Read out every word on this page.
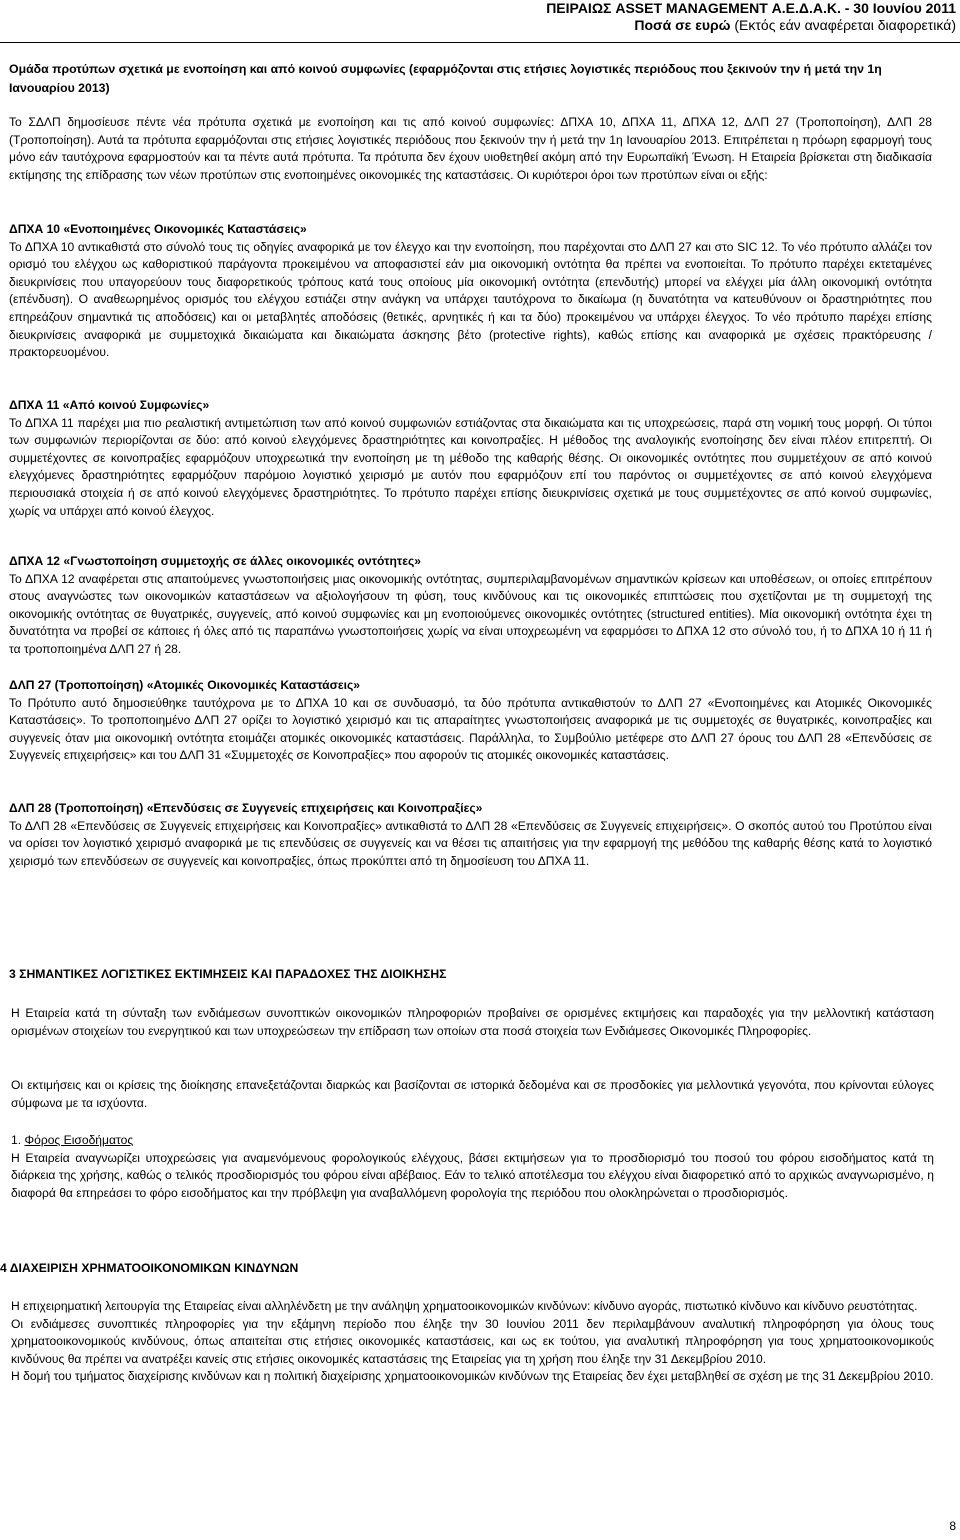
ΠΕΙΡΑΙΩΣ ASSET MANAGEMENT Α.Ε.Δ.Α.Κ. - 30 Ιουνίου 2011
Ποσά σε ευρώ (Εκτός εάν αναφέρεται διαφορετικά)
Ομάδα προτύπων σχετικά με ενοποίηση και από κοινού συμφωνίες (εφαρμόζονται στις ετήσιες λογιστικές περιόδους που ξεκινούν την ή μετά την 1η Ιανουαρίου 2013)
Το ΣΔΛΠ δημοσίευσε πέντε νέα πρότυπα σχετικά με ενοποίηση και τις από κοινού συμφωνίες: ΔΠΧΑ 10, ΔΠΧΑ 11, ΔΠΧΑ 12, ΔΛΠ 27 (Τροποποίηση), ΔΛΠ 28 (Τροποποίηση). Αυτά τα πρότυπα εφαρμόζονται στις ετήσιες λογιστικές περιόδους που ξεκινούν την ή μετά την 1η Ιανουαρίου 2013. Επιτρέπεται η πρόωρη εφαρμογή τους μόνο εάν ταυτόχρονα εφαρμοστούν και τα πέντε αυτά πρότυπα. Τα πρότυπα δεν έχουν υιοθετηθεί ακόμη από την Ευρωπαϊκή Ένωση. Η Εταιρεία βρίσκεται στη διαδικασία εκτίμησης της επίδρασης των νέων προτύπων στις ενοποιημένες οικονομικές της καταστάσεις. Οι κυριότεροι όροι των προτύπων είναι οι εξής:

ΔΠΧΑ 10 «Ενοποιημένες Οικονομικές Καταστάσεις»

Το ΔΠΧΑ 10 αντικαθιστά στο σύνολό τους τις οδηγίες αναφορικά με τον έλεγχο και την ενοποίηση, που παρέχονται στο ΔΛΠ 27 και στο SIC 12. Το νέο πρότυπο αλλάζει τον ορισμό του ελέγχου ως καθοριστικού παράγοντα προκειμένου να αποφασιστεί εάν μια οικονομική οντότητα θα πρέπει να ενοποιείται. Το πρότυπο παρέχει εκτεταμένες διευκρινίσεις που υπαγορεύουν τους διαφορετικούς τρόπους κατά τους οποίους μία οικονομική οντότητα (επενδυτής) μπορεί να ελέγχει μία άλλη οικονομική οντότητα (επένδυση). Ο αναθεωρημένος ορισμός του ελέγχου εστιάζει στην ανάγκη να υπάρχει ταυτόχρονα το δικαίωμα (η δυνατότητα να κατευθύνουν οι δραστηριότητες που επηρεάζουν σημαντικά τις αποδόσεις) και οι μεταβλητές αποδόσεις (θετικές, αρνητικές ή και τα δύο) προκειμένου να υπάρχει έλεγχος. Το νέο πρότυπο παρέχει επίσης διευκρινίσεις αναφορικά με συμμετοχικά δικαιώματα και δικαιώματα άσκησης βέτο (protective rights), καθώς επίσης και αναφορικά με σχέσεις πρακτόρευσης / πρακτορευομένου.

ΔΠΧΑ 11 «Από κοινού Συμφωνίες»

Το ΔΠΧΑ 11 παρέχει μια πιο ρεαλιστική αντιμετώπιση των από κοινού συμφωνιών εστιάζοντας στα δικαιώματα και τις υποχρεώσεις, παρά στη νομική τους μορφή. Οι τύποι των συμφωνιών περιορίζονται σε δύο: από κοινού ελεγχόμενες δραστηριότητες και κοινοπραξίες. Η μέθοδος της αναλογικής ενοποίησης δεν είναι πλέον επιτρεπτή. Οι συμμετέχοντες σε κοινοπραξίες εφαρμόζουν υποχρεωτικά την ενοποίηση με τη μέθοδο της καθαρής θέσης. Οι οικονομικές οντότητες που συμμετέχουν σε από κοινού ελεγχόμενες δραστηριότητες εφαρμόζουν παρόμοιο λογιστικό χειρισμό με αυτόν που εφαρμόζουν επί του παρόντος οι συμμετέχοντες σε από κοινού ελεγχόμενα περιουσιακά στοιχεία ή σε από κοινού ελεγχόμενες δραστηριότητες. Το πρότυπο παρέχει επίσης διευκρινίσεις σχετικά με τους συμμετέχοντες σε από κοινού συμφωνίες, χωρίς να υπάρχει από κοινού έλεγχος.

ΔΠΧΑ 12 «Γνωστοποίηση συμμετοχής σε άλλες οικονομικές οντότητες»

Το ΔΠΧΑ 12 αναφέρεται στις απαιτούμενες γνωστοποιήσεις μιας οικονομικής οντότητας, συμπεριλαμβανομένων σημαντικών κρίσεων και υποθέσεων, οι οποίες επιτρέπουν στους αναγνώστες των οικονομικών καταστάσεων να αξιολογήσουν τη φύση, τους κινδύνους και τις οικονομικές επιπτώσεις που σχετίζονται με τη συμμετοχή της οικονομικής οντότητας σε θυγατρικές, συγγενείς, από κοινού συμφωνίες και μη ενοποιούμενες οικονομικές οντότητες (structured entities). Μία οικονομική οντότητα έχει τη δυνατότητα να προβεί σε κάποιες ή όλες από τις παραπάνω γνωστοποιήσεις χωρίς να είναι υποχρεωμένη να εφαρμόσει το ΔΠΧΑ 12 στο σύνολό του, ή το ΔΠΧΑ 10 ή 11 ή τα τροποποιημένα ΔΛΠ 27 ή 28.

ΔΛΠ 27 (Τροποποίηση) «Ατομικές Οικονομικές Καταστάσεις»

Το Πρότυπο αυτό δημοσιεύθηκε ταυτόχρονα με το ΔΠΧΑ 10 και σε συνδυασμό, τα δύο πρότυπα αντικαθιστούν το ΔΛΠ 27 «Ενοποιημένες και Ατομικές Οικονομικές Καταστάσεις». Το τροποποιημένο ΔΛΠ 27 ορίζει το λογιστικό χειρισμό και τις απαραίτητες γνωστοποιήσεις αναφορικά με τις συμμετοχές σε θυγατρικές, κοινοπραξίες και συγγενείς όταν μια οικονομική οντότητα ετοιμάζει ατομικές οικονομικές καταστάσεις. Παράλληλα, το Συμβούλιο μετέφερε στο ΔΛΠ 27 όρους του ΔΛΠ 28 «Επενδύσεις σε Συγγενείς επιχειρήσεις» και του ΔΛΠ 31 «Συμμετοχές σε Κοινοπραξίες» που αφορούν τις ατομικές οικονομικές καταστάσεις.

ΔΛΠ 28 (Τροποποίηση) «Επενδύσεις σε Συγγενείς επιχειρήσεις και Κοινοπραξίες»

Το ΔΛΠ 28 «Επενδύσεις σε Συγγενείς επιχειρήσεις και Κοινοπραξίες» αντικαθιστά το ΔΛΠ 28 «Επενδύσεις σε Συγγενείς επιχειρήσεις». Ο σκοπός αυτού του Προτύπου είναι να ορίσει τον λογιστικό χειρισμό αναφορικά με τις επενδύσεις σε συγγενείς και να θέσει τις απαιτήσεις για την εφαρμογή της μεθόδου της καθαρής θέσης κατά το λογιστικό χειρισμό των επενδύσεων σε συγγενείς και κοινοπραξίες, όπως προκύπτει από τη δημοσίευση του ΔΠΧΑ 11.

3 ΣΗΜΑΝΤΙΚΕΣ ΛΟΓΙΣΤΙΚΕΣ ΕΚΤΙΜΗΣΕΙΣ ΚΑΙ ΠΑΡΑΔΟΧΕΣ ΤΗΣ ΔΙΟΙΚΗΣΗΣ
Η Εταιρεία κατά τη σύνταξη των ενδιάμεσων συνοπτικών οικονομικών πληροφοριών προβαίνει σε ορισμένες εκτιμήσεις και παραδοχές για την μελλοντική κατάσταση ορισμένων στοιχείων του ενεργητικού και των υποχρεώσεων την επίδραση των οποίων στα ποσά στοιχεία των Ενδιάμεσες Οικονομικές Πληροφορίες.
Οι εκτιμήσεις και οι κρίσεις της διοίκησης επανεξετάζονται διαρκώς και βασίζονται σε ιστορικά δεδομένα και σε προσδοκίες για μελλοντικά γεγονότα, που κρίνονται εύλογες σύμφωνα με τα ισχύοντα.

1. Φόρος Εισοδήματος

Η Εταιρεία αναγνωρίζει υποχρεώσεις για αναμενόμενους φορολογικούς ελέγχους, βάσει εκτιμήσεων για το προσδιορισμό του ποσού του φόρου εισοδήματος κατά τη διάρκεια της χρήσης, καθώς ο τελικός προσδιορισμός του φόρου είναι αβέβαιος. Εάν το τελικό αποτέλεσμα του ελέγχου είναι διαφορετικό από το αρχικώς αναγνωρισμένο, η διαφορά θα επηρεάσει το φόρο εισοδήματος και την πρόβλεψη για αναβαλλόμενη φορολογία της περιόδου που ολοκληρώνεται ο προσδιορισμός.

4 ΔΙΑΧΕΙΡΙΣΗ ΧΡΗΜΑΤΟΟΙΚΟΝΟΜΙΚΩΝ ΚΙΝΔΥΝΩΝ

Η επιχειρηματική λειτουργία της Εταιρείας είναι αλληλένδετη με την ανάληψη χρηματοοικονομικών κινδύνων: κίνδυνο αγοράς, πιστωτικό κίνδυνο και κίνδυνο ρευστότητας.

Οι ενδιάμεσες συνοπτικές πληροφορίες για την εξάμηνη περίοδο που έληξε την 30 Ιουνίου 2011 δεν περιλαμβάνουν αναλυτική πληροφόρηση για όλους τους χρηματοοικονομικούς κινδύνους, όπως απαιτείται στις ετήσιες οικονομικές καταστάσεις, και ως εκ τούτου, για αναλυτική πληροφόρηση για τους χρηματοοικονομικούς κινδύνους θα πρέπει να ανατρέξει κανείς στις ετήσιες οικονομικές καταστάσεις της Εταιρείας για τη χρήση που έληξε την 31 Δεκεμβρίου 2010.

Η δομή του τμήματος διαχείρισης κινδύνων και η πολιτική διαχείρισης χρηματοοικονομικών κινδύνων της Εταιρείας δεν έχει μεταβληθεί σε σχέση με της 31 Δεκεμβρίου 2010.

8
